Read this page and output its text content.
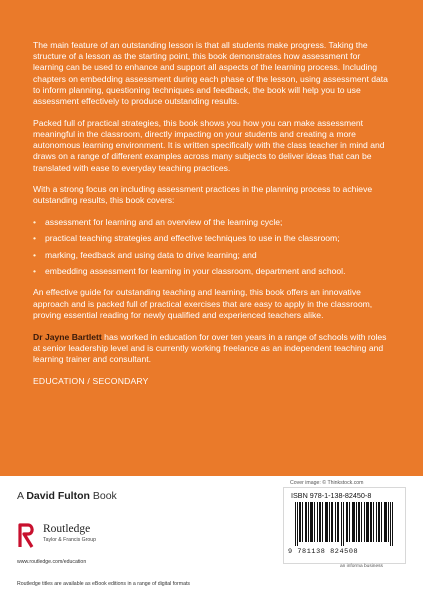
The main feature of an outstanding lesson is that all students make progress. Taking the structure of a lesson as the starting point, this book demonstrates how assessment for learning can be used to enhance and support all aspects of the learning process. Including chapters on embedding assessment during each phase of the lesson, using assessment data to inform planning, questioning techniques and feedback, the book will help you to use assessment effectively to produce outstanding results.

Packed full of practical strategies, this book shows you how you can make assessment meaningful in the classroom, directly impacting on your students and creating a more autonomous learning environment. It is written specifically with the class teacher in mind and draws on a range of different examples across many subjects to deliver ideas that can be translated with ease to everyday teaching practices.

With a strong focus on including assessment practices in the planning process to achieve outstanding results, this book covers:

• assessment for learning and an overview of the learning cycle;
• practical teaching strategies and effective techniques to use in the classroom;
• marking, feedback and using data to drive learning; and
• embedding assessment for learning in your classroom, department and school.

An effective guide for outstanding teaching and learning, this book offers an innovative approach and is packed full of practical exercises that are easy to apply in the classroom, proving essential reading for newly qualified and experienced teachers alike.

Dr Jayne Bartlett has worked in education for over ten years in a range of schools with roles at senior leadership level and is currently working freelance as an independent teaching and learning trainer and consultant.

EDUCATION / SECONDARY
A David Fulton Book
Routledge
Taylor & Francis Group
www.routledge.com/education
Routledge titles are available as eBook editions in a range of digital formats
Cover image: © Thinkstock.com
ISBN 978-1-138-82450-8
9 781138 824508
an informa business
